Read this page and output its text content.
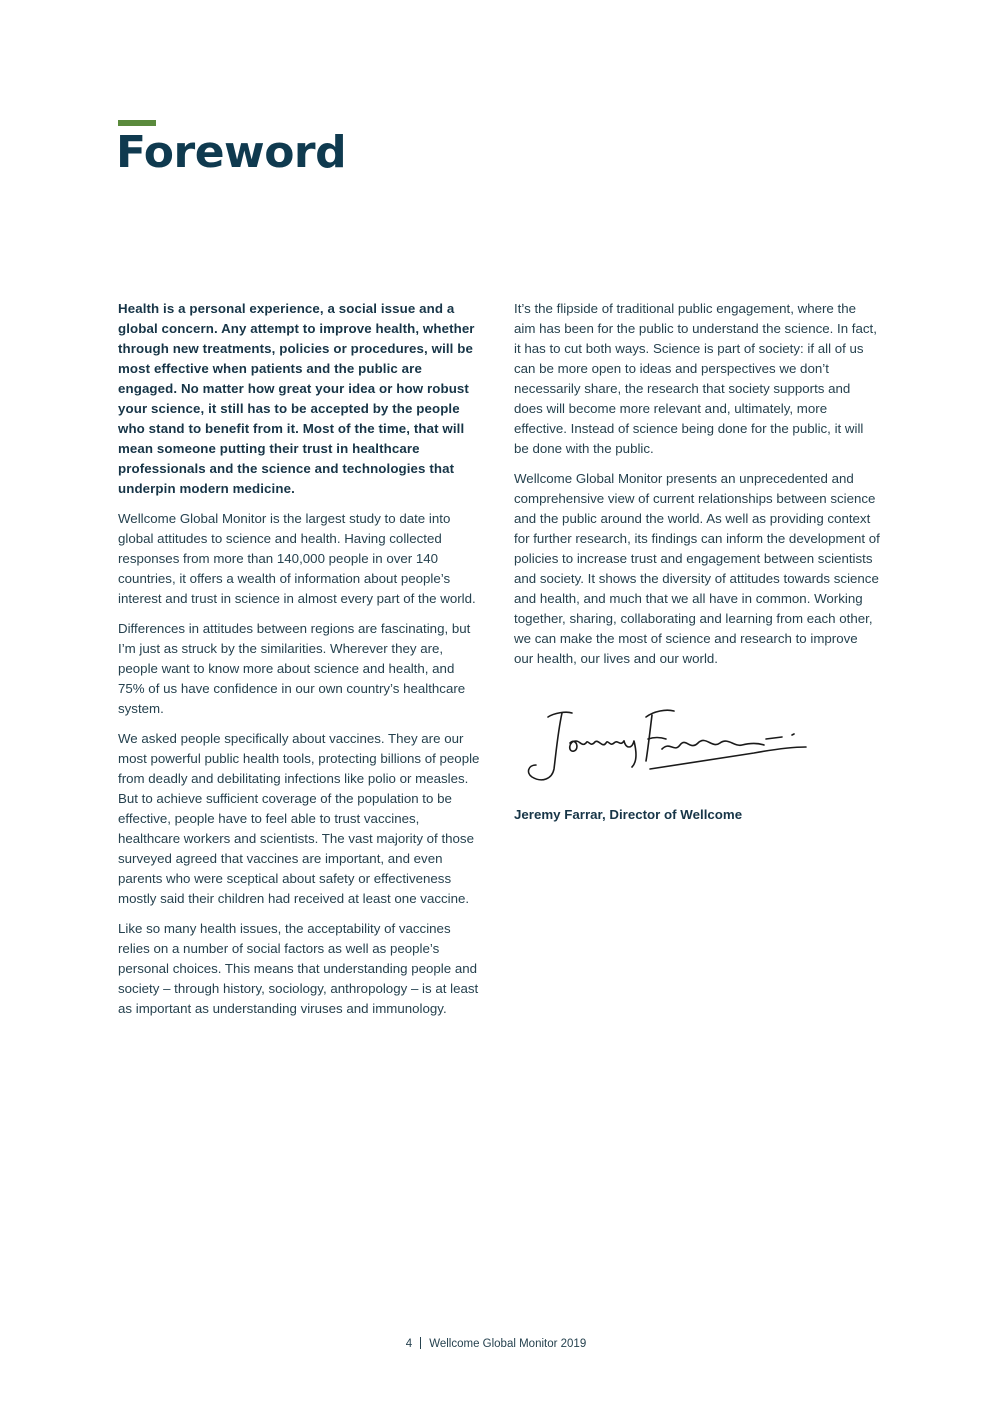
Foreword

Health is a personal experience, a social issue and a global concern. Any attempt to improve health, whether through new treatments, policies or procedures, will be most effective when patients and the public are engaged. No matter how great your idea or how robust your science, it still has to be accepted by the people who stand to benefit from it. Most of the time, that will mean someone putting their trust in healthcare professionals and the science and technologies that underpin modern medicine.

Wellcome Global Monitor is the largest study to date into global attitudes to science and health. Having collected responses from more than 140,000 people in over 140 countries, it offers a wealth of information about people’s interest and trust in science in almost every part of the world.

Differences in attitudes between regions are fascinating, but I’m just as struck by the similarities. Wherever they are, people want to know more about science and health, and 75% of us have confidence in our own country’s healthcare system.

We asked people specifically about vaccines. They are our most powerful public health tools, protecting billions of people from deadly and debilitating infections like polio or measles. But to achieve sufficient coverage of the population to be effective, people have to feel able to trust vaccines, healthcare workers and scientists. The vast majority of those surveyed agreed that vaccines are important, and even parents who were sceptical about safety or effectiveness mostly said their children had received at least one vaccine.

Like so many health issues, the acceptability of vaccines relies on a number of social factors as well as people’s personal choices. This means that understanding people and society – through history, sociology, anthropology – is at least as important as understanding viruses and immunology.

It’s the flipside of traditional public engagement, where the aim has been for the public to understand the science. In fact, it has to cut both ways. Science is part of society: if all of us can be more open to ideas and perspectives we don’t necessarily share, the research that society supports and does will become more relevant and, ultimately, more effective. Instead of science being done for the public, it will be done with the public.

Wellcome Global Monitor presents an unprecedented and comprehensive view of current relationships between science and the public around the world. As well as providing context for further research, its findings can inform the development of policies to increase trust and engagement between scientists and society. It shows the diversity of attitudes towards science and health, and much that we all have in common. Working together, sharing, collaborating and learning from each other, we can make the most of science and research to improve our health, our lives and our world.

Jeremy Farrar, Director of Wellcome
4 Wellcome Global Monitor 2019
